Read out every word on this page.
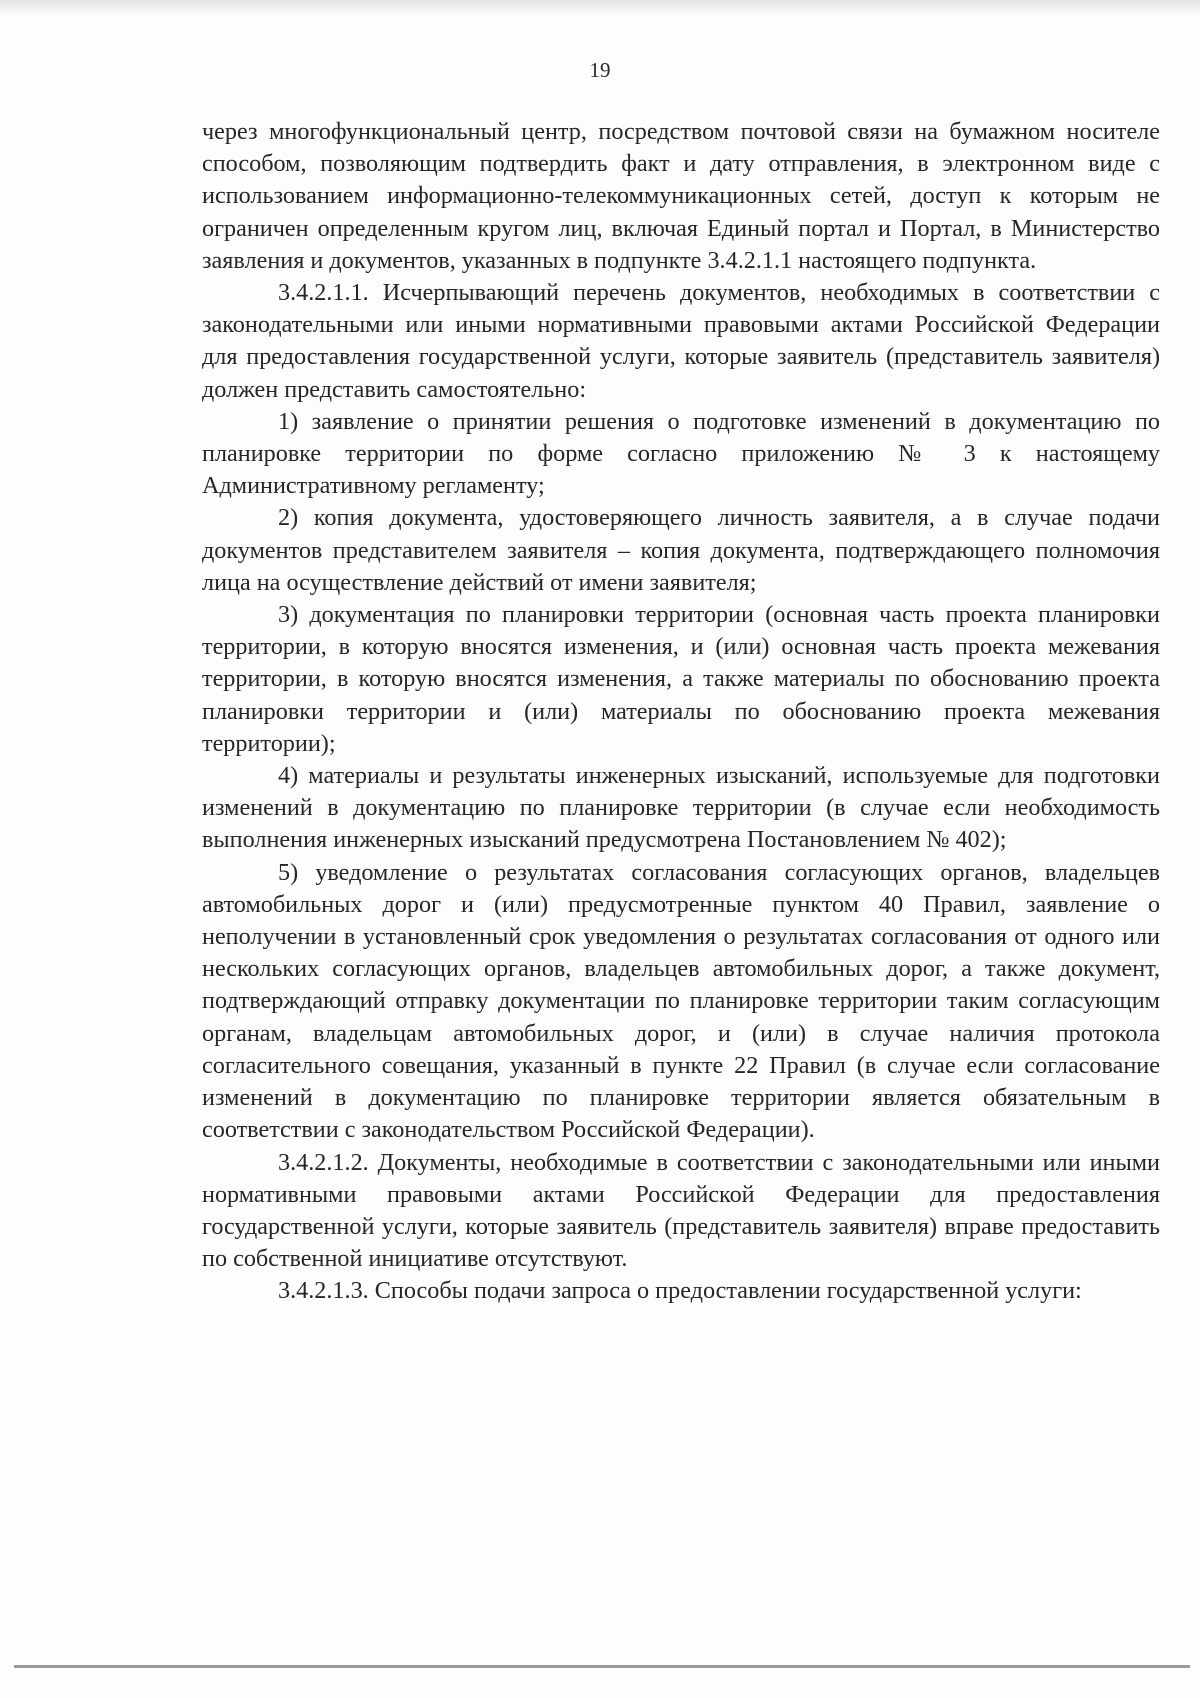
19

через многофункциональный центр, посредством почтовой связи на бумажном носителе способом, позволяющим подтвердить факт и дату отправления, в электронном виде с использованием информационно-телекоммуникационных сетей, доступ к которым не ограничен определенным кругом лиц, включая Единый портал и Портал, в Министерство заявления и документов, указанных в подпункте 3.4.2.1.1 настоящего подпункта.

3.4.2.1.1. Исчерпывающий перечень документов, необходимых в соответствии с законодательными или иными нормативными правовыми актами Российской Федерации для предоставления государственной услуги, которые заявитель (представитель заявителя) должен представить самостоятельно:

1) заявление о принятии решения о подготовке изменений в документацию по планировке территории по форме согласно приложению № 3 к настоящему Административному регламенту;

2) копия документа, удостоверяющего личность заявителя, а в случае подачи документов представителем заявителя – копия документа, подтверждающего полномочия лица на осуществление действий от имени заявителя;

3) документация по планировки территории (основная часть проекта планировки территории, в которую вносятся изменения, и (или) основная часть проекта межевания территории, в которую вносятся изменения, а также материалы по обоснованию проекта планировки территории и (или) материалы по обоснованию проекта межевания территории);

4) материалы и результаты инженерных изысканий, используемые для подготовки изменений в документацию по планировке территории (в случае если необходимость выполнения инженерных изысканий предусмотрена Постановлением № 402);

5) уведомление о результатах согласования согласующих органов, владельцев автомобильных дорог и (или) предусмотренные пунктом 40 Правил, заявление о неполучении в установленный срок уведомления о результатах согласования от одного или нескольких согласующих органов, владельцев автомобильных дорог, а также документ, подтверждающий отправку документации по планировке территории таким согласующим органам, владельцам автомобильных дорог, и (или) в случае наличия протокола согласительного совещания, указанный в пункте 22 Правил (в случае если согласование изменений в документацию по планировке территории является обязательным в соответствии с законодательством Российской Федерации).

3.4.2.1.2. Документы, необходимые в соответствии с законодательными или иными нормативными правовыми актами Российской Федерации для предоставления государственной услуги, которые заявитель (представитель заявителя) вправе предоставить по собственной инициативе отсутствуют.

3.4.2.1.3. Способы подачи запроса о предоставлении государственной услуги:
